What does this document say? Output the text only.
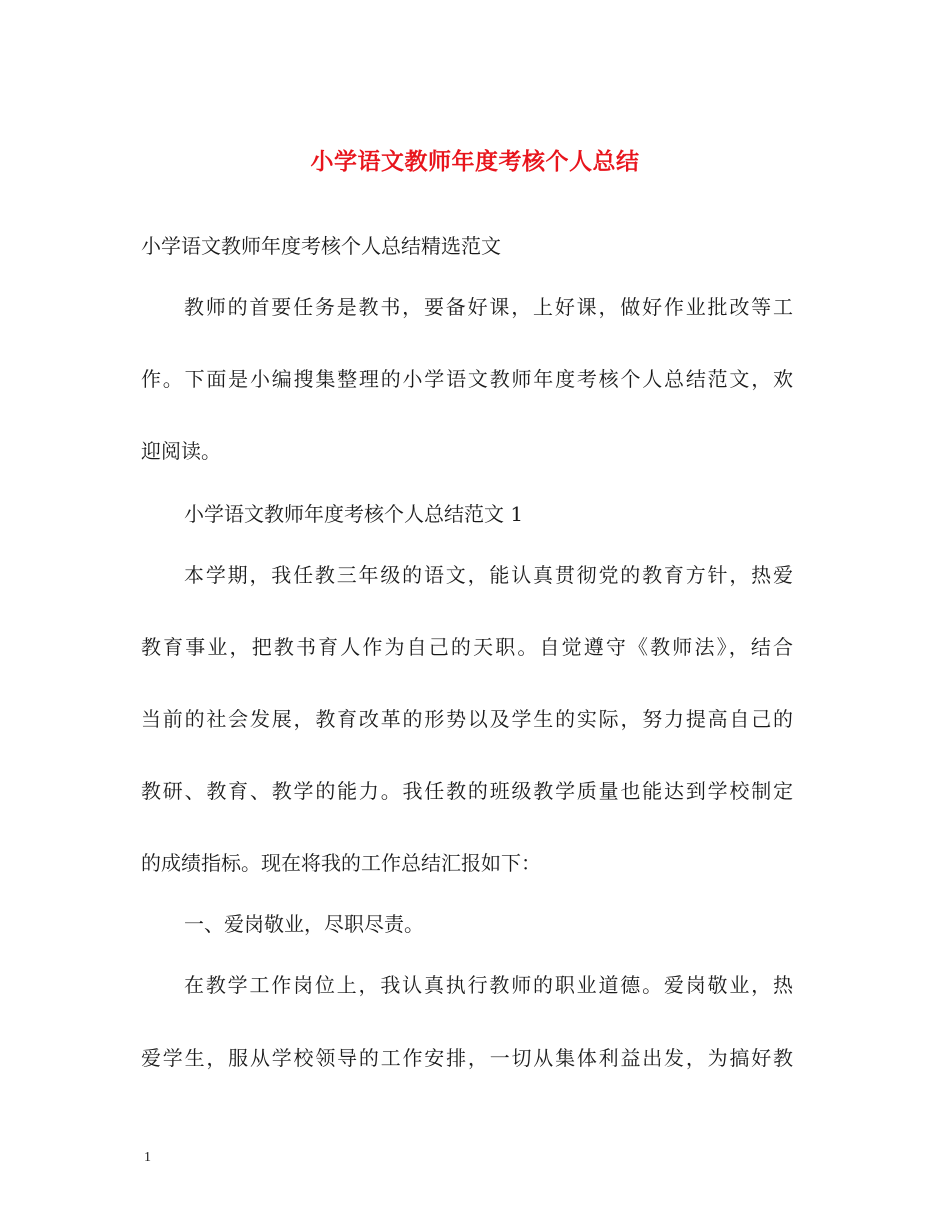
小学语文教师年度考核个人总结
小学语文教师年度考核个人总结精选范文
教师的首要任务是教书，要备好课，上好课，做好作业批改等工
作。下面是小编搜集整理的小学语文教师年度考核个人总结范文，欢
迎阅读。
小学语文教师年度考核个人总结范文 1
本学期，我任教三年级的语文，能认真贯彻党的教育方针，热爱
教育事业，把教书育人作为自己的天职。自觉遵守《教师法》，结合
当前的社会发展，教育改革的形势以及学生的实际，努力提高自己的
教研、教育、教学的能力。我任教的班级教学质量也能达到学校制定
的成绩指标。现在将我的工作总结汇报如下：
一、爱岗敬业，尽职尽责。
在教学工作岗位上，我认真执行教师的职业道德。爱岗敬业，热
爱学生，服从学校领导的工作安排，一切从集体利益出发，为搞好教
1
